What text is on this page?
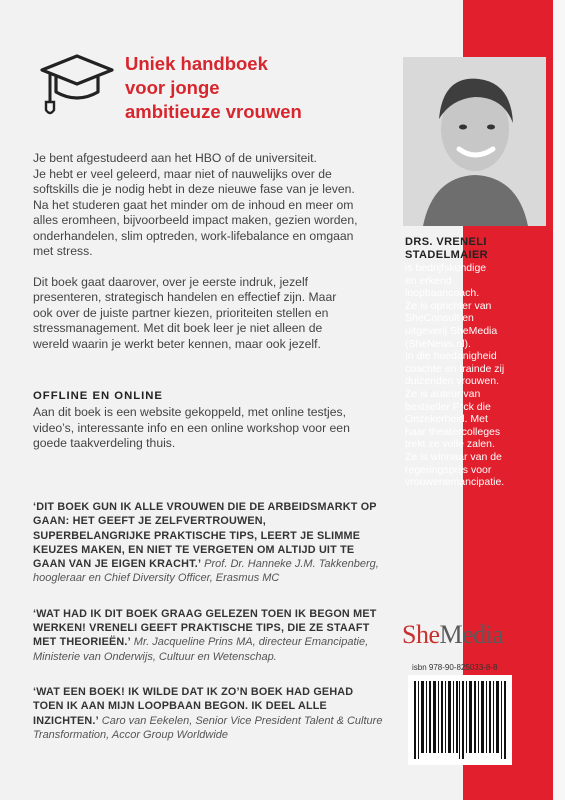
Uniek handboek
voor jonge
ambitieuze vrouwen

Je bent afgestudeerd aan het HBO of de universiteit.
Je hebt er veel geleerd, maar niet of nauwelijks over de
softskills die je nodig hebt in deze nieuwe fase van je leven.
Na het studeren gaat het minder om de inhoud en meer om
alles eromheen, bijvoorbeeld impact maken, gezien worden,
onderhandelen, slim optreden, work-lifebalance en omgaan
met stress.

Dit boek gaat daarover, over je eerste indruk, jezelf
presenteren, strategisch handelen en effectief zijn. Maar
ook over de juiste partner kiezen, prioriteiten stellen en
stressmanagement. Met dit boek leer je niet alleen de
wereld waarin je werkt beter kennen, maar ook jezelf.

OFFLINE EN ONLINE
Aan dit boek is een website gekoppeld, met online testjes,
video’s, interessante info en een online workshop voor een
goede taakverdeling thuis.
DRS. VRENELI
STADELMAIER
is bedrijfskundige
en erkend
loopbaancoach.
Ze is oprichter van
SheConsult en
uitgeverij SheMedia
(SheNews.nl).
In die hoedanigheid
coachte en trainde zij
duizenden vrouwen.
Ze is auteur van
bestseller F*ck die
Onzekerheid. Met
haar theatercolleges
trekt ze volle zalen.
Ze is winnaar van de
regeringsprijs voor
vrouwenemancipatie.
‘DIT BOEK GUN IK ALLE VROUWEN DIE DE ARBEIDSMARKT OP GAAN: HET GEEFT JE ZELFVERTROUWEN, SUPERBELANGRIJKE PRAKTISCHE TIPS, LEERT JE SLIMME KEUZES MAKEN, EN NIET TE VERGETEN OM ALTIJD UIT TE GAAN VAN JE EIGEN KRACHT.’ Prof. Dr. Hanneke J.M. Takkenberg, hoogleraar en Chief Diversity Officer, Erasmus MC
‘WAT HAD IK DIT BOEK GRAAG GELEZEN TOEN IK BEGON MET WERKEN! VRENELI GEEFT PRAKTISCHE TIPS, DIE ZE STAAFT MET THEORIEËN.’ Mr. Jacqueline Prins MA, directeur Emancipatie, Ministerie van Onderwijs, Cultuur en Wetenschap.
‘WAT EEN BOEK! IK WILDE DAT IK ZO’N BOEK HAD GEHAD TOEN IK AAN MIJN LOOPBAAN BEGON. IK DEEL ALLE INZICHTEN.’ Caro van Eekelen, Senior Vice President Talent & Culture Transformation, Accor Group Worldwide
SheMedia
isbn 978-90-825033-8-8
